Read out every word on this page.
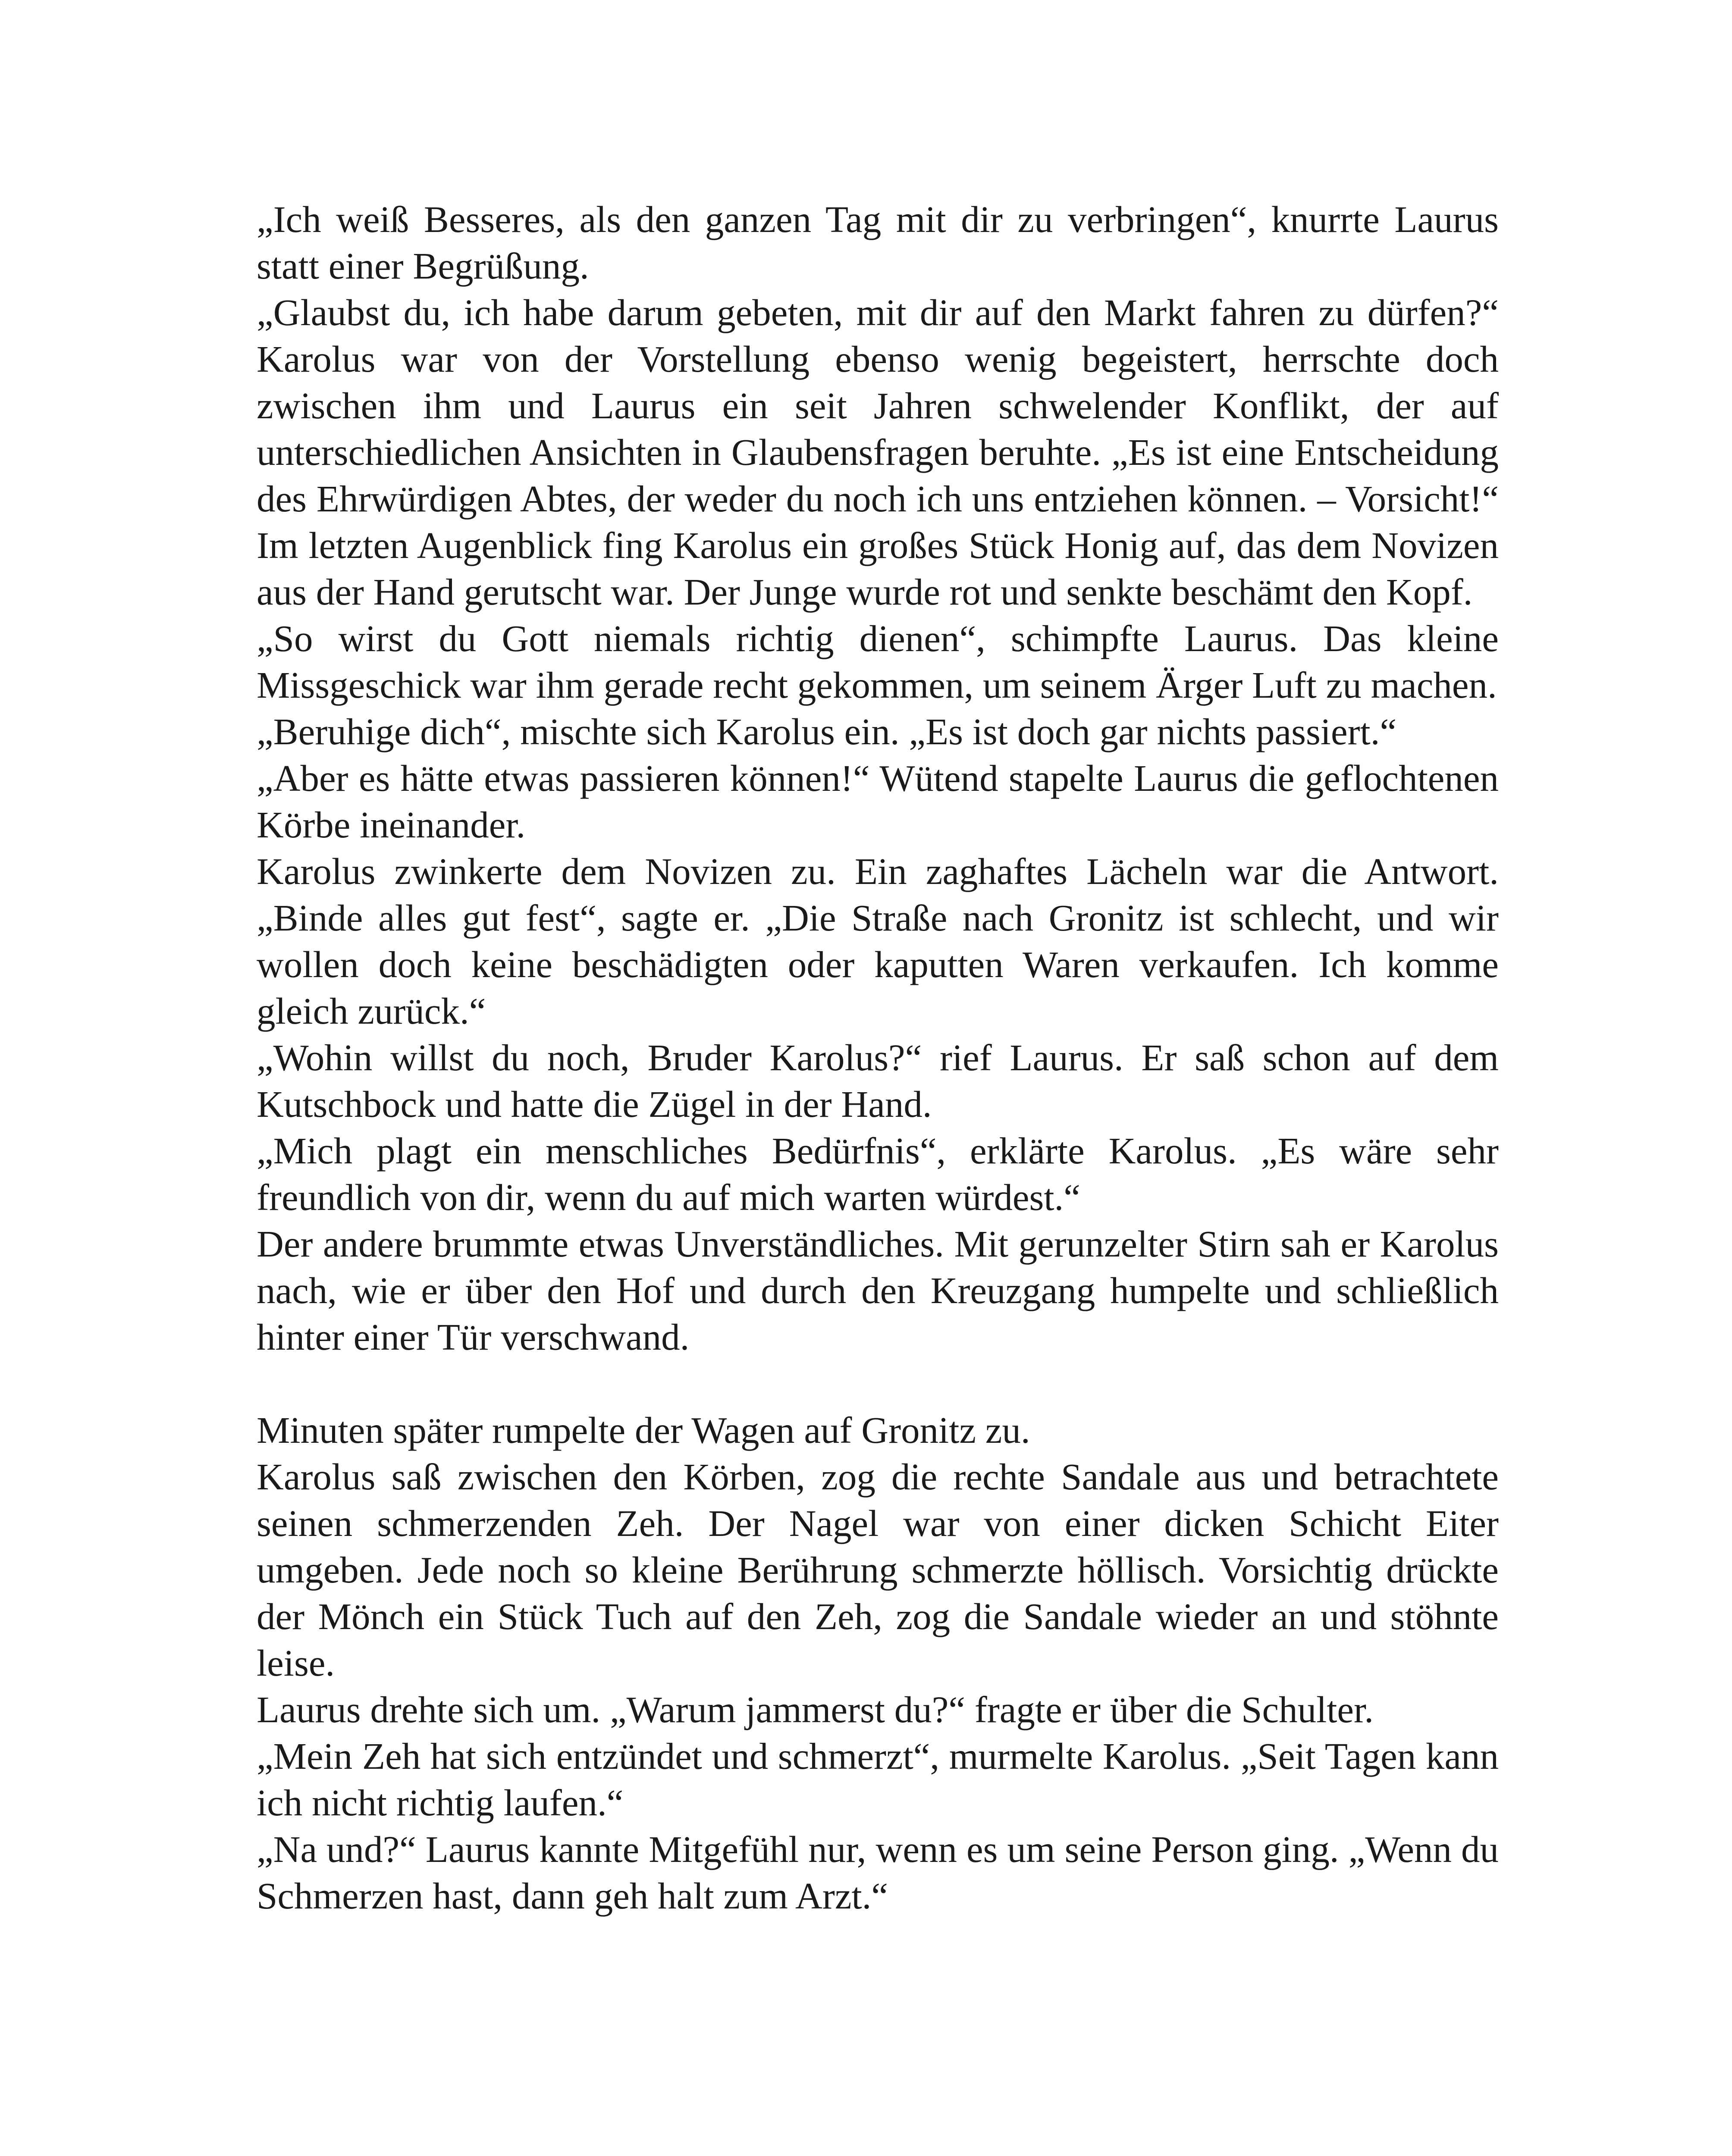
„Ich weiß Besseres, als den ganzen Tag mit dir zu verbringen“, knurrte Laurus statt einer Begrüßung.

„Glaubst du, ich habe darum gebeten, mit dir auf den Markt fahren zu dürfen?“ Karolus war von der Vorstellung ebenso wenig begeistert, herrschte doch zwischen ihm und Laurus ein seit Jahren schwelender Konflikt, der auf unterschiedlichen Ansichten in Glaubensfragen beruhte. „Es ist eine Entscheidung des Ehrwürdigen Abtes, der weder du noch ich uns entziehen können. – Vorsicht!“ Im letzten Augenblick fing Karolus ein großes Stück Honig auf, das dem Novizen aus der Hand gerutscht war. Der Junge wurde rot und senkte beschämt den Kopf.

„So wirst du Gott niemals richtig dienen“, schimpfte Laurus. Das kleine Missgeschick war ihm gerade recht gekommen, um seinem Ärger Luft zu machen.

„Beruhige dich“, mischte sich Karolus ein. „Es ist doch gar nichts passiert.“

„Aber es hätte etwas passieren können!“ Wütend stapelte Laurus die geflochtenen Körbe ineinander.

Karolus zwinkerte dem Novizen zu. Ein zaghaftes Lächeln war die Antwort. „Binde alles gut fest“, sagte er. „Die Straße nach Gronitz ist schlecht, und wir wollen doch keine beschädigten oder kaputten Waren verkaufen. Ich komme gleich zurück.“

„Wohin willst du noch, Bruder Karolus?“ rief Laurus. Er saß schon auf dem Kutschbock und hatte die Zügel in der Hand.

„Mich plagt ein menschliches Bedürfnis“, erklärte Karolus. „Es wäre sehr freundlich von dir, wenn du auf mich warten würdest.“

Der andere brummte etwas Unverständliches. Mit gerunzelter Stirn sah er Karolus nach, wie er über den Hof und durch den Kreuzgang humpelte und schließlich hinter einer Tür verschwand.

Minuten später rumpelte der Wagen auf Gronitz zu.

Karolus saß zwischen den Körben, zog die rechte Sandale aus und betrachtete seinen schmerzenden Zeh. Der Nagel war von einer dicken Schicht Eiter umgeben. Jede noch so kleine Berührung schmerzte höllisch. Vorsichtig drückte der Mönch ein Stück Tuch auf den Zeh, zog die Sandale wieder an und stöhnte leise.

Laurus drehte sich um. „Warum jammerst du?“ fragte er über die Schulter.

„Mein Zeh hat sich entzündet und schmerzt“, murmelte Karolus. „Seit Tagen kann ich nicht richtig laufen.“

„Na und?“ Laurus kannte Mitgefühl nur, wenn es um seine Person ging. „Wenn du Schmerzen hast, dann geh halt zum Arzt.“
